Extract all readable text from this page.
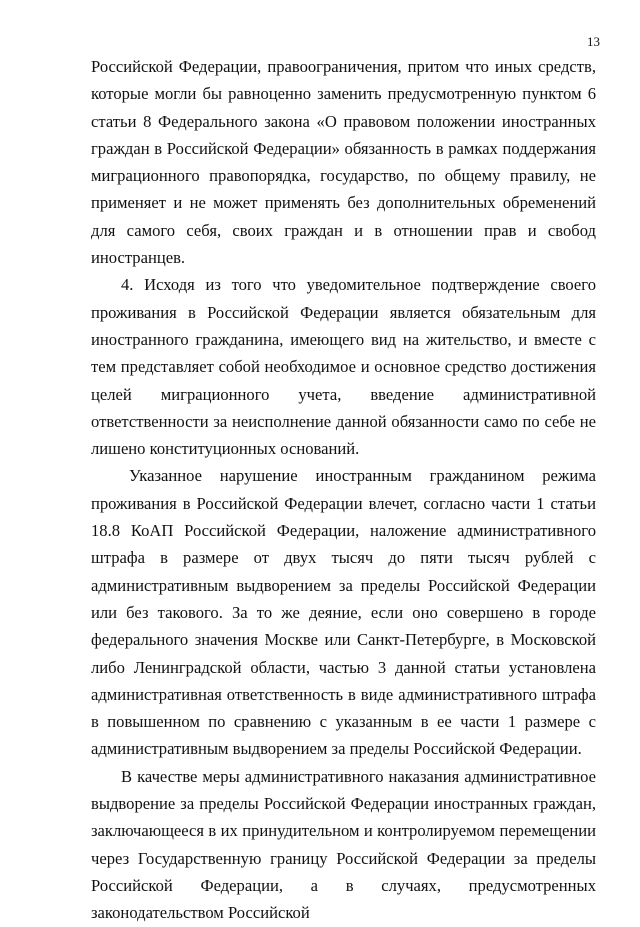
13

Российской Федерации, правоограничения, притом что иных средств, которые могли бы равноценно заменить предусмотренную пунктом 6 статьи 8 Федерального закона «О правовом положении иностранных граждан в Российской Федерации» обязанность в рамках поддержания миграционного правопорядка, государство, по общему правилу, не применяет и не может применять без дополнительных обременений для самого себя, своих граждан и в отношении прав и свобод иностранцев.

4. Исходя из того что уведомительное подтверждение своего проживания в Российской Федерации является обязательным для иностранного гражданина, имеющего вид на жительство, и вместе с тем представляет собой необходимое и основное средство достижения целей миграционного учета, введение административной ответственности за неисполнение данной обязанности само по себе не лишено конституционных оснований.

Указанное нарушение иностранным гражданином режима проживания в Российской Федерации влечет, согласно части 1 статьи 18.8 КоАП Российской Федерации, наложение административного штрафа в размере от двух тысяч до пяти тысяч рублей с административным выдворением за пределы Российской Федерации или без такового. За то же деяние, если оно совершено в городе федерального значения Москве или Санкт-Петербурге, в Московской либо Ленинградской области, частью 3 данной статьи установлена административная ответственность в виде административного штрафа в повышенном по сравнению с указанным в ее части 1 размере с административным выдворением за пределы Российской Федерации.

В качестве меры административного наказания административное выдворение за пределы Российской Федерации иностранных граждан, заключающееся в их принудительном и контролируемом перемещении через Государственную границу Российской Федерации за пределы Российской Федерации, а в случаях, предусмотренных законодательством Российской
